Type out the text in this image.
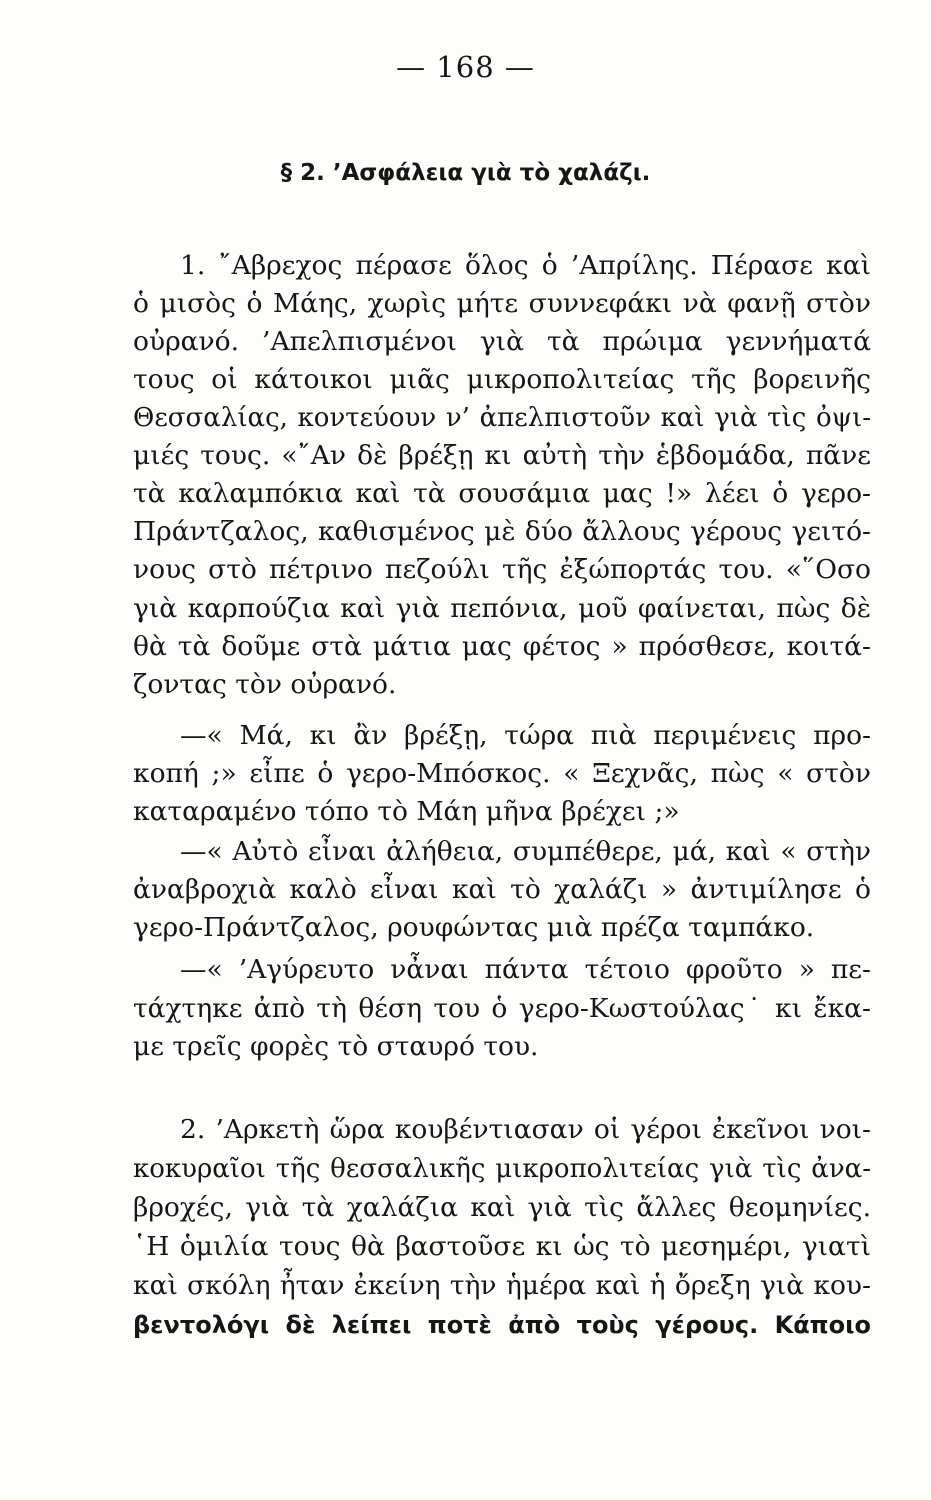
— 168 —
§ 2. ’Ασφάλεια γιὰ τὸ χαλάζι.
1. ῎Αβρεχος πέρασε ὅλος ὁ ’Απρίλης. Πέρασε καὶ
ὁ μισὸς ὁ Μάης, χωρὶς μήτε συννεφάκι νὰ φανῇ στὸν
οὐρανό. ’Απελπισμένοι γιὰ τὰ πρώιμα γεννήματά
τους οἱ κάτοικοι μιᾶς μικροπολιτείας τῆς βορεινῆς
Θεσσαλίας, κοντεύουν ν’ ἀπελπιστοῦν καὶ γιὰ τὶς ὀψι-
μιές τους. «῎Αν δὲ βρέξῃ κι αὐτὴ τὴν ἑβδομάδα, πᾶνε
τὰ καλαμπόκια καὶ τὰ σουσάμια μας !» λέει ὁ γερο-
Πράντζαλος, καθισμένος μὲ δύο ἄλλους γέρους γειτό-
νους στὸ πέτρινο πεζούλι τῆς ἐξώπορτάς του. «῞Οσο
γιὰ καρπούζια καὶ γιὰ πεπόνια, μοῦ φαίνεται, πὼς δὲ
θὰ τὰ δοῦμε στὰ μάτια μας φέτος » πρόσθεσε, κοιτά-
ζοντας τὸν οὐρανό.
—« Μά, κι ἂν βρέξῃ, τώρα πιὰ περιμένεις προ-
κοπή ;» εἶπε ὁ γερο-Μπόσκος. « Ξεχνᾶς, πὼς « στὸν
καταραμένο τόπο τὸ Μάη μῆνα βρέχει ;»
—« Αὐτὸ εἶναι ἀλήθεια, συμπέθερε, μά, καὶ « στὴν
ἀναβροχιὰ καλὸ εἶναι καὶ τὸ χαλάζι » ἀντιμίλησε ὁ
γερο-Πράντζαλος, ρουφώντας μιὰ πρέζα ταμπάκο.
—« ’Αγύρευτο νἆναι πάντα τέτοιο φροῦτο » πε-
τάχτηκε ἀπὸ τὴ θέση του ὁ γερο-Κωστούλας˙ κι ἔκα-
με τρεῖς φορὲς τὸ σταυρό του.
2. ’Αρκετὴ ὥρα κουβέντιασαν οἱ γέροι ἐκεῖνοι νοι-
κοκυραῖοι τῆς θεσσαλικῆς μικροπολιτείας γιὰ τὶς ἀνα-
βροχές, γιὰ τὰ χαλάζια καὶ γιὰ τὶς ἄλλες θεομηνίες.
῾Η ὁμιλία τους θὰ βαστοῦσε κι ὡς τὸ μεσημέρι, γιατὶ
καὶ σκόλη ἦταν ἐκείνη τὴν ἡμέρα καὶ ἡ ὄρεξη γιὰ κου-
βεντολόγι δὲ λείπει ποτὲ ἀπὸ τοὺς γέρους. Κάποιο
